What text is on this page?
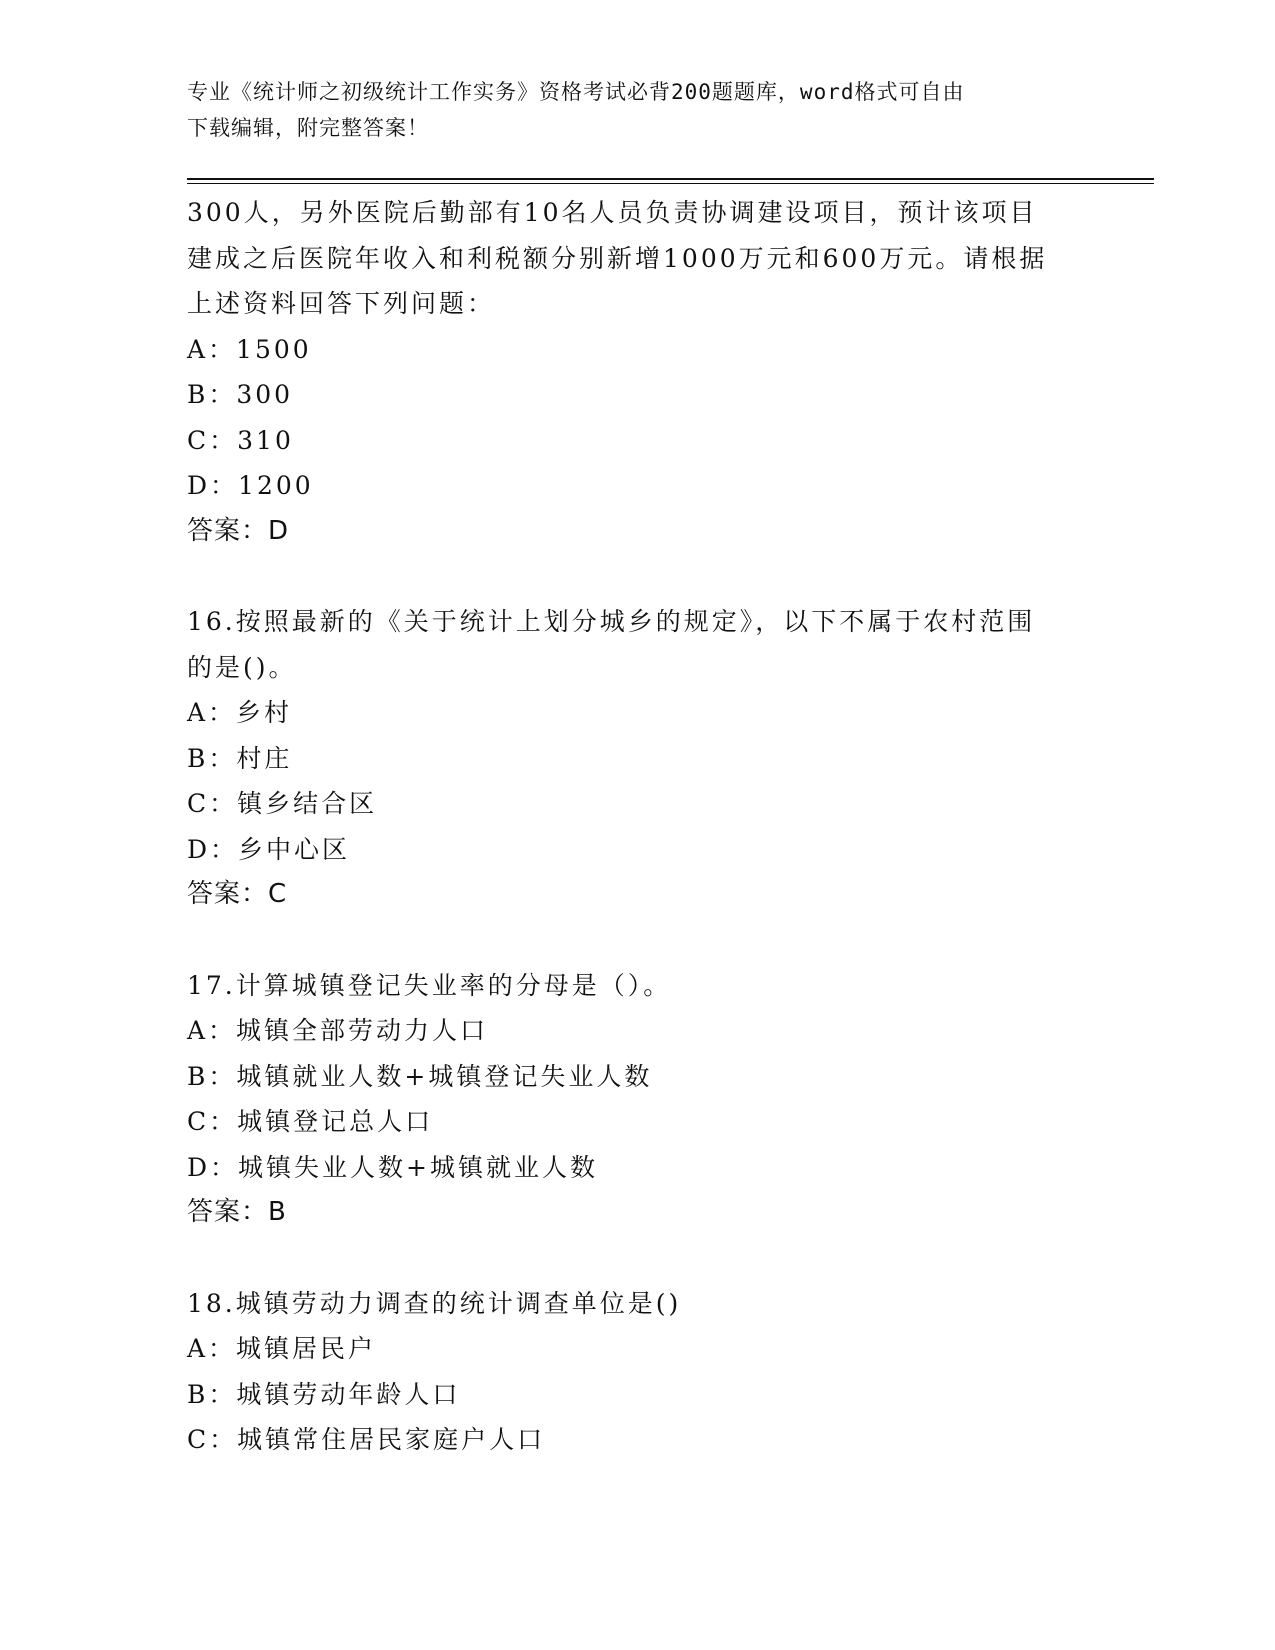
专业《统计师之初级统计工作实务》资格考试必背200题题库，word格式可自由
下载编辑，附完整答案！
300人，另外医院后勤部有10名人员负责协调建设项目，预计该项目
建成之后医院年收入和利税额分别新增1000万元和600万元。请根据
上述资料回答下列问题：
A：1500
B：300
C：310
D：1200
答案：D
16.按照最新的《关于统计上划分城乡的规定》，以下不属于农村范围
的是()。
A：乡村
B：村庄
C：镇乡结合区
D：乡中心区
答案：C
17.计算城镇登记失业率的分母是（）。
A：城镇全部劳动力人口
B：城镇就业人数+城镇登记失业人数
C：城镇登记总人口
D：城镇失业人数+城镇就业人数
答案：B
18.城镇劳动力调查的统计调查单位是()
A：城镇居民户
B：城镇劳动年龄人口
C：城镇常住居民家庭户人口
